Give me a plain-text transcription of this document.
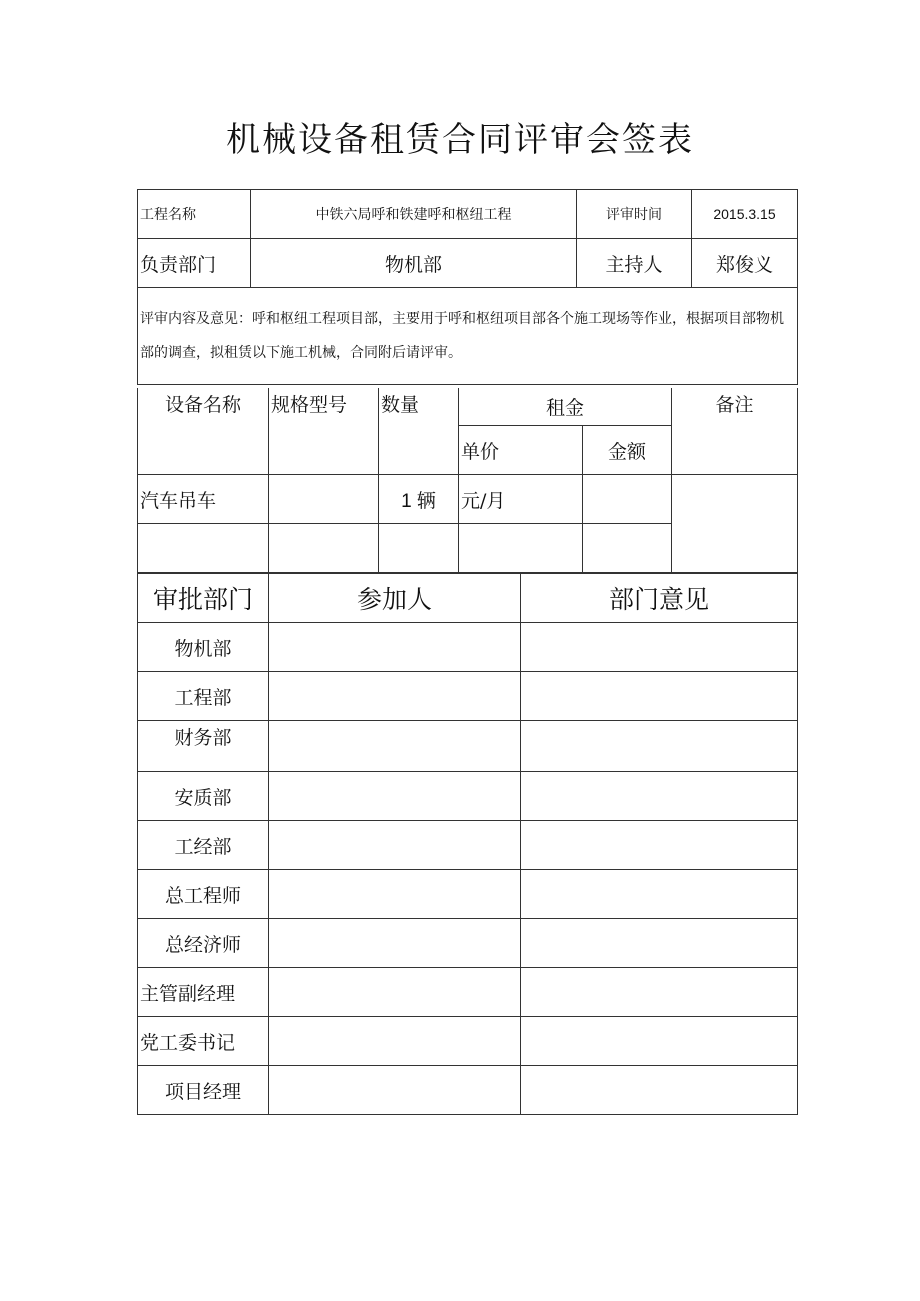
机械设备租赁合同评审会签表
工程名称	中铁六局呼和铁建呼和枢纽工程	评审时间	2015.3.15
负责部门	物机部	主持人	郑俊义
评审内容及意见：呼和枢纽工程项目部，主要用于呼和枢纽项目部各个施工现场等作业，根据项目部物机部的调查，拟租赁以下施工机械，合同附后请评审。			
设备名称	规格型号	数量	租金		备注
			单价	金额	
汽车吊车		1 辆	元/月		

审批部门	参加人	部门意见
物机部		
工程部		
财务部		
安质部		
工经部		
总工程师		
总经济师		
主管副经理		
党工委书记		
项目经理		
